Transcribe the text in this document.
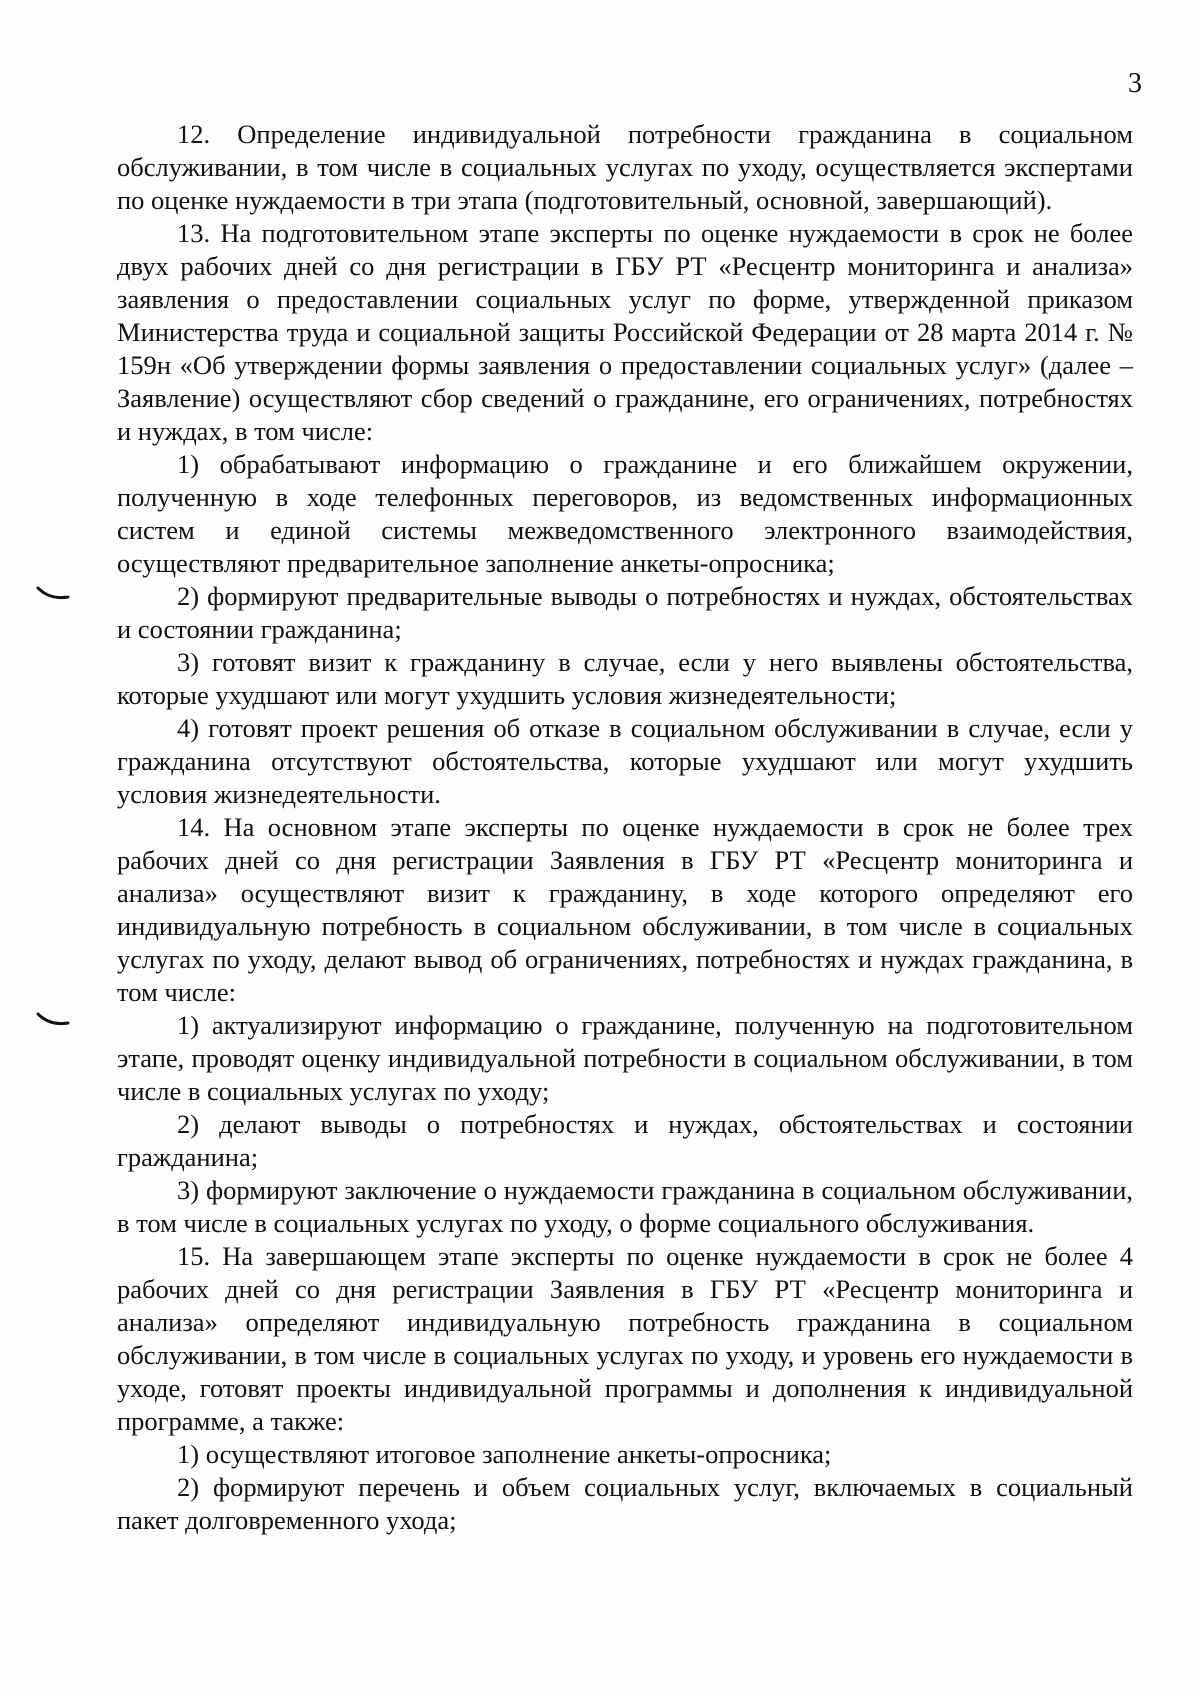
3

12. Определение индивидуальной потребности гражданина в социальном обслуживании, в том числе в социальных услугах по уходу, осуществляется экспертами по оценке нуждаемости в три этапа (подготовительный, основной, завершающий).

13. На подготовительном этапе эксперты по оценке нуждаемости в срок не более двух рабочих дней со дня регистрации в ГБУ РТ «Ресцентр мониторинга и анализа» заявления о предоставлении социальных услуг по форме, утвержденной приказом Министерства труда и социальной защиты Российской Федерации от 28 марта 2014 г. № 159н «Об утверждении формы заявления о предоставлении социальных услуг» (далее – Заявление) осуществляют сбор сведений о гражданине, его ограничениях, потребностях и нуждах, в том числе:

1) обрабатывают информацию о гражданине и его ближайшем окружении, полученную в ходе телефонных переговоров, из ведомственных информационных систем и единой системы межведомственного электронного взаимодействия, осуществляют предварительное заполнение анкеты-опросника;

2) формируют предварительные выводы о потребностях и нуждах, обстоятельствах и состоянии гражданина;

3) готовят визит к гражданину в случае, если у него выявлены обстоятельства, которые ухудшают или могут ухудшить условия жизнедеятельности;

4) готовят проект решения об отказе в социальном обслуживании в случае, если у гражданина отсутствуют обстоятельства, которые ухудшают или могут ухудшить условия жизнедеятельности.

14. На основном этапе эксперты по оценке нуждаемости в срок не более трех рабочих дней со дня регистрации Заявления в ГБУ РТ «Ресцентр мониторинга и анализа» осуществляют визит к гражданину, в ходе которого определяют его индивидуальную потребность в социальном обслуживании, в том числе в социальных услугах по уходу, делают вывод об ограничениях, потребностях и нуждах гражданина, в том числе:

1) актуализируют информацию о гражданине, полученную на подготовительном этапе, проводят оценку индивидуальной потребности в социальном обслуживании, в том числе в социальных услугах по уходу;

2) делают выводы о потребностях и нуждах, обстоятельствах и состоянии гражданина;

3) формируют заключение о нуждаемости гражданина в социальном обслуживании, в том числе в социальных услугах по уходу, о форме социального обслуживания.

15. На завершающем этапе эксперты по оценке нуждаемости в срок не более 4 рабочих дней со дня регистрации Заявления в ГБУ РТ «Ресцентр мониторинга и анализа» определяют индивидуальную потребность гражданина в социальном обслуживании, в том числе в социальных услугах по уходу, и уровень его нуждаемости в уходе, готовят проекты индивидуальной программы и дополнения к индивидуальной программе, а также:

1) осуществляют итоговое заполнение анкеты-опросника;

2) формируют перечень и объем социальных услуг, включаемых в социальный пакет долговременного ухода;
